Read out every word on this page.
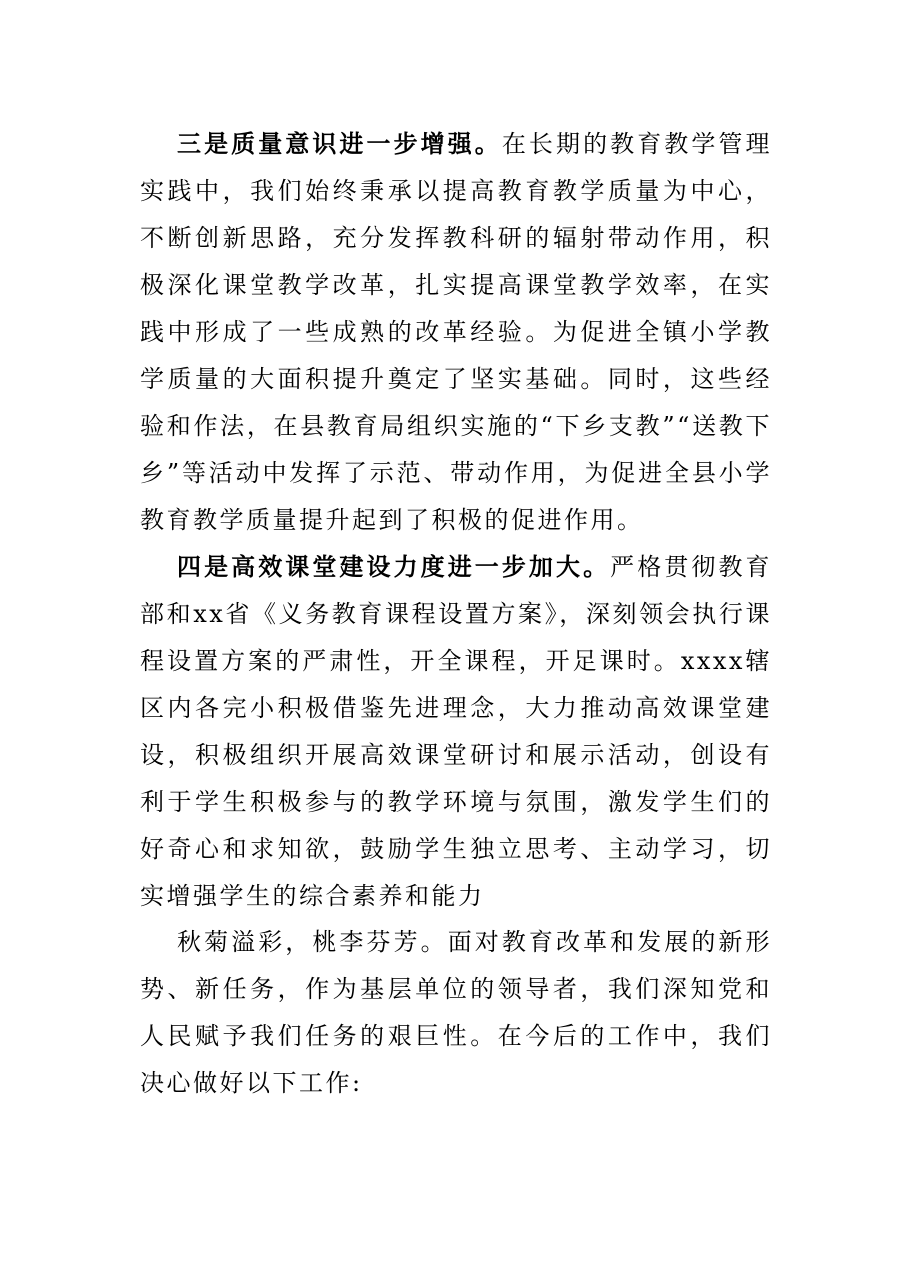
三是质量意识进一步增强。在长期的教育教学管理实践中，我们始终秉承以提高教育教学质量为中心，不断创新思路，充分发挥教科研的辐射带动作用，积极深化课堂教学改革，扎实提高课堂教学效率，在实践中形成了一些成熟的改革经验。为促进全镇小学教学质量的大面积提升奠定了坚实基础。同时，这些经验和作法，在县教育局组织实施的“下乡支教”“送教下乡”等活动中发挥了示范、带动作用，为促进全县小学教育教学质量提升起到了积极的促进作用。

四是高效课堂建设力度进一步加大。严格贯彻教育部和xx省《义务教育课程设置方案》，深刻领会执行课程设置方案的严肃性，开全课程，开足课时。xxxx辖区内各完小积极借鉴先进理念，大力推动高效课堂建设，积极组织开展高效课堂研讨和展示活动，创设有利于学生积极参与的教学环境与氛围，激发学生们的好奇心和求知欲，鼓励学生独立思考、主动学习，切实增强学生的综合素养和能力

秋菊溢彩，桃李芬芳。面对教育改革和发展的新形势、新任务，作为基层单位的领导者，我们深知党和人民赋予我们任务的艰巨性。在今后的工作中，我们决心做好以下工作:
